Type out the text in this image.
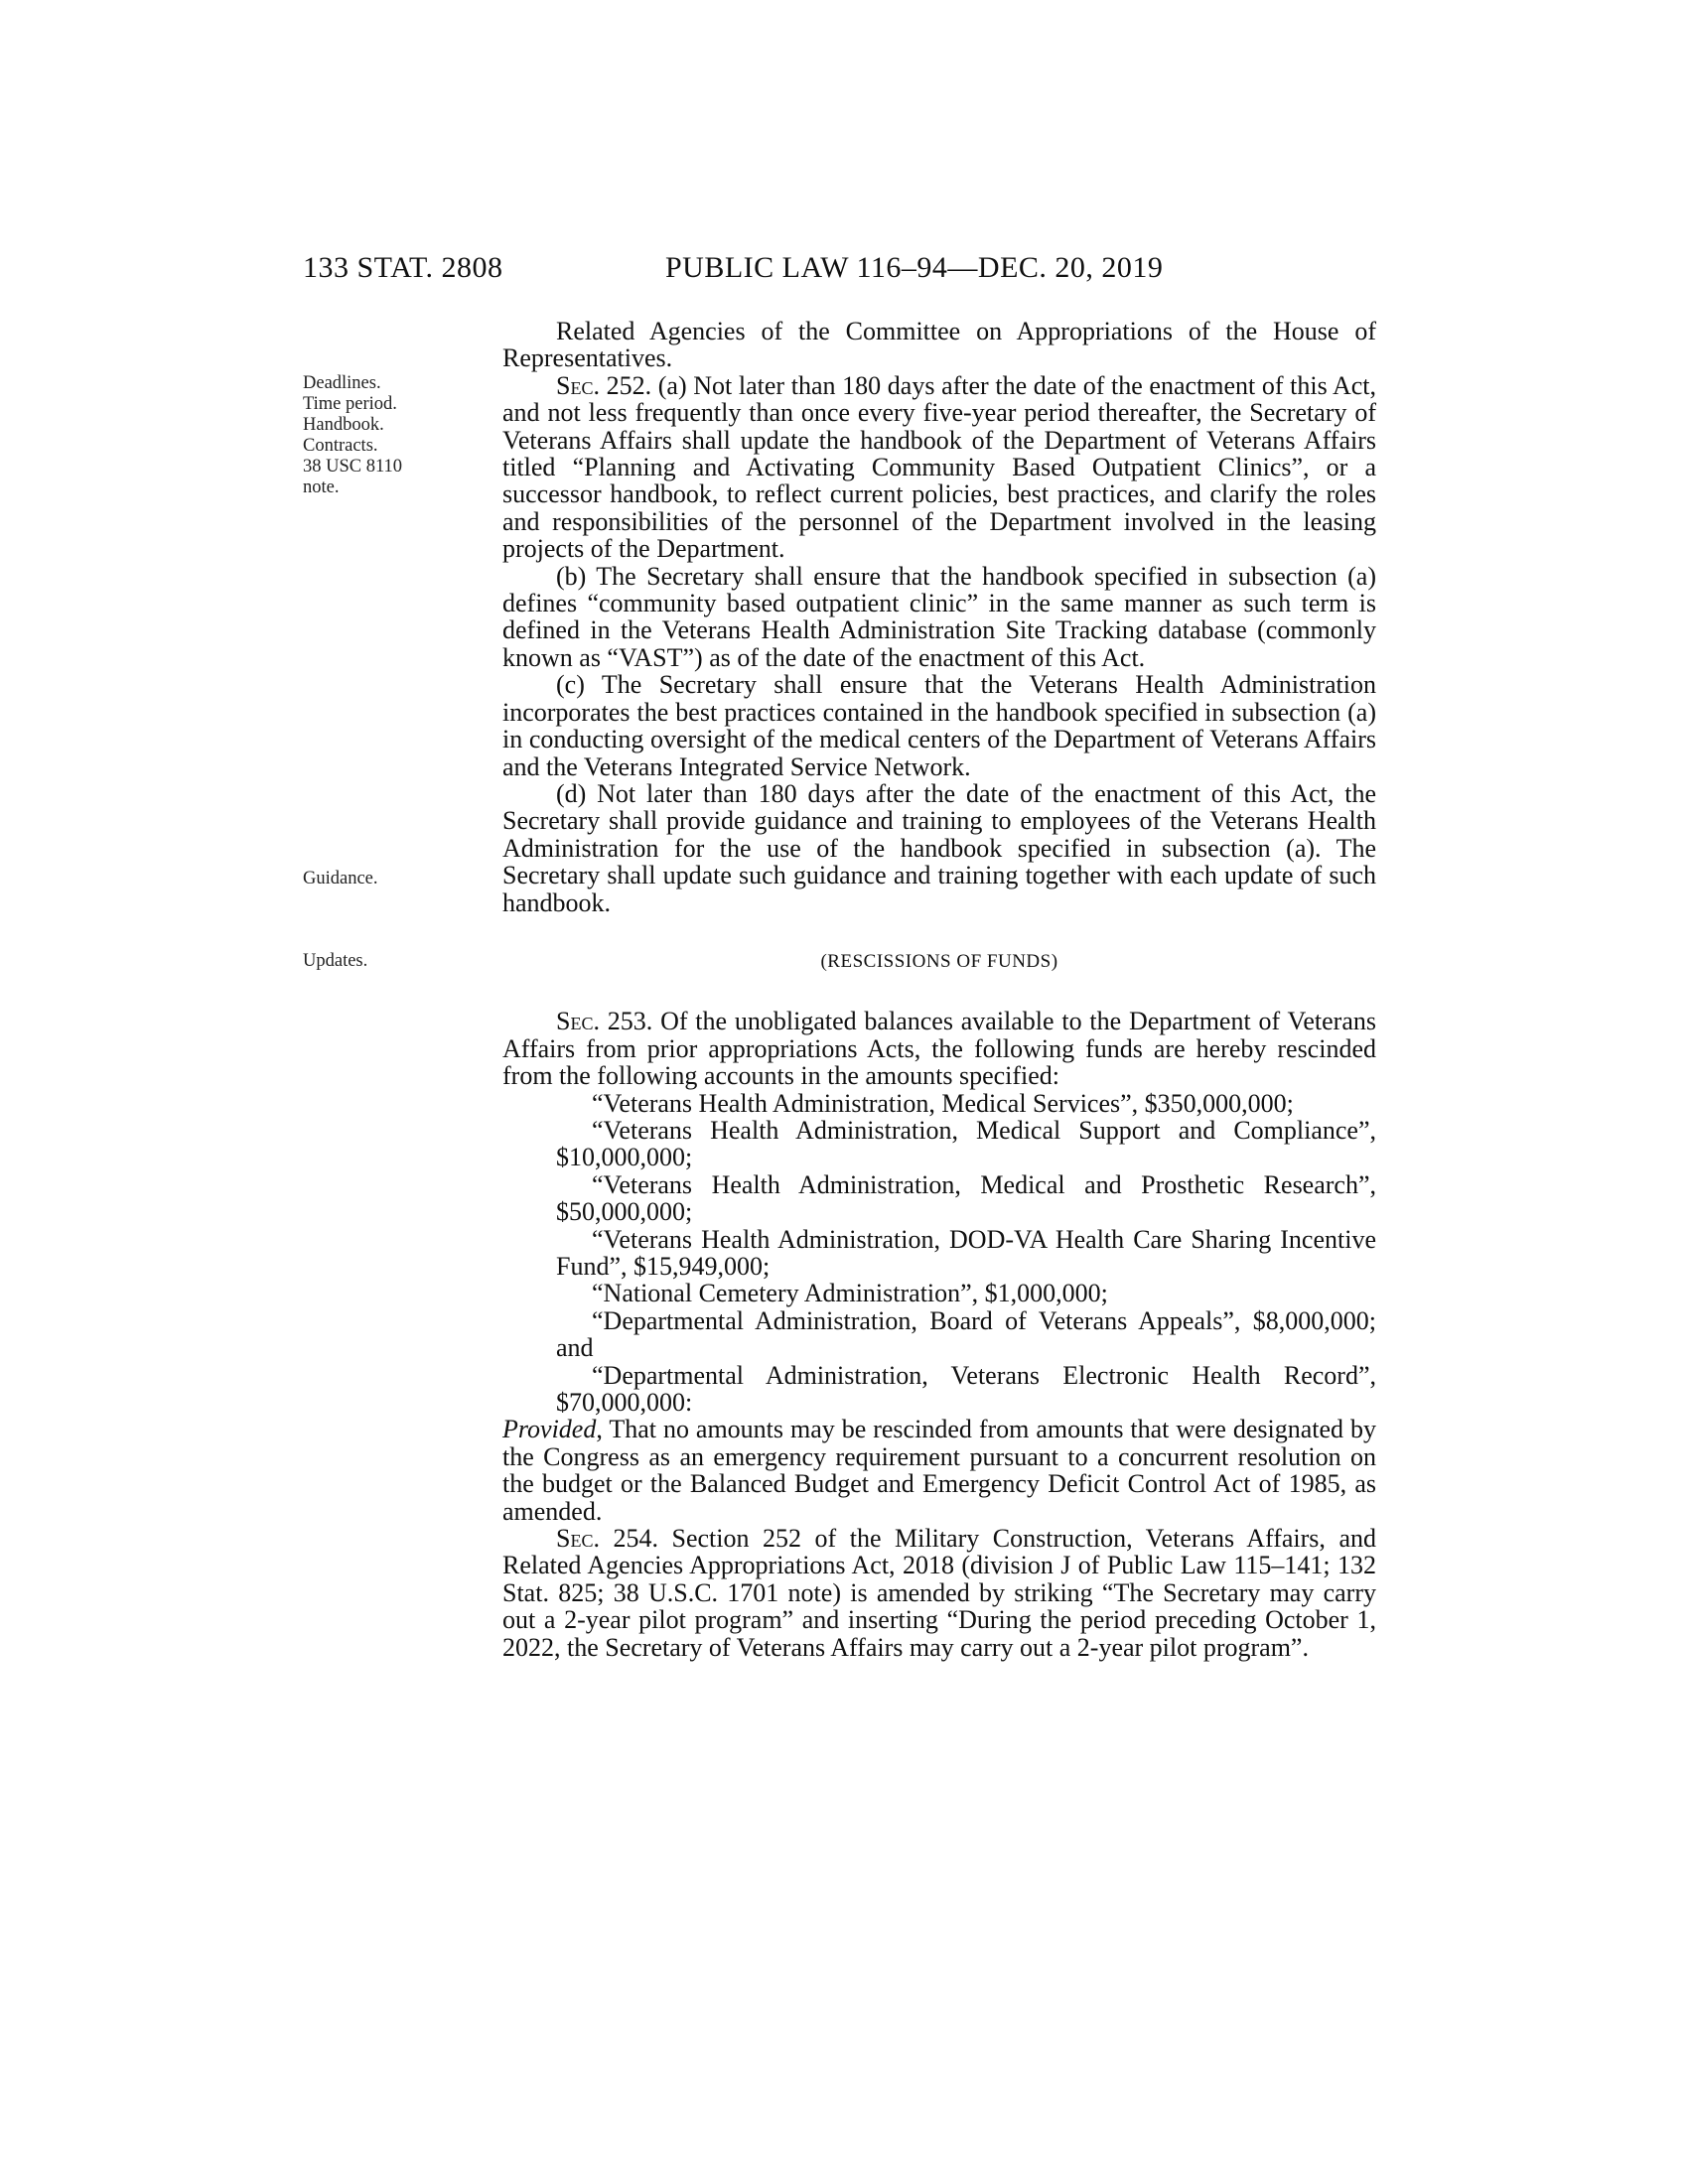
133 STAT. 2808	PUBLIC LAW 116–94—DEC. 20, 2019
Deadlines.
Time period.
Handbook.
Contracts.
38 USC 8110
note.
Guidance.
Updates.

Related Agencies of the Committee on Appropriations of the House of Representatives.

Sec. 252. (a) Not later than 180 days after the date of the enactment of this Act, and not less frequently than once every five-year period thereafter, the Secretary of Veterans Affairs shall update the handbook of the Department of Veterans Affairs titled “Planning and Activating Community Based Outpatient Clinics”, or a successor handbook, to reflect current policies, best practices, and clarify the roles and responsibilities of the personnel of the Department involved in the leasing projects of the Department.

(b) The Secretary shall ensure that the handbook specified in subsection (a) defines “community based outpatient clinic” in the same manner as such term is defined in the Veterans Health Administration Site Tracking database (commonly known as “VAST”) as of the date of the enactment of this Act.

(c) The Secretary shall ensure that the Veterans Health Administration incorporates the best practices contained in the handbook specified in subsection (a) in conducting oversight of the medical centers of the Department of Veterans Affairs and the Veterans Integrated Service Network.

(d) Not later than 180 days after the date of the enactment of this Act, the Secretary shall provide guidance and training to employees of the Veterans Health Administration for the use of the handbook specified in subsection (a). The Secretary shall update such guidance and training together with each update of such handbook.

(RESCISSIONS OF FUNDS)

Sec. 253. Of the unobligated balances available to the Department of Veterans Affairs from prior appropriations Acts, the following funds are hereby rescinded from the following accounts in the amounts specified:

“Veterans Health Administration, Medical Services”, $350,000,000;

“Veterans Health Administration, Medical Support and Compliance”, $10,000,000;

“Veterans Health Administration, Medical and Prosthetic Research”, $50,000,000;

“Veterans Health Administration, DOD-VA Health Care Sharing Incentive Fund”, $15,949,000;

“National Cemetery Administration”, $1,000,000;

“Departmental Administration, Board of Veterans Appeals”, $8,000,000; and

“Departmental Administration, Veterans Electronic Health Record”, $70,000,000:

Provided, That no amounts may be rescinded from amounts that were designated by the Congress as an emergency requirement pursuant to a concurrent resolution on the budget or the Balanced Budget and Emergency Deficit Control Act of 1985, as amended.

Sec. 254. Section 252 of the Military Construction, Veterans Affairs, and Related Agencies Appropriations Act, 2018 (division J of Public Law 115–141; 132 Stat. 825; 38 U.S.C. 1701 note) is amended by striking “The Secretary may carry out a 2-year pilot program” and inserting “During the period preceding October 1, 2022, the Secretary of Veterans Affairs may carry out a 2-year pilot program”.
